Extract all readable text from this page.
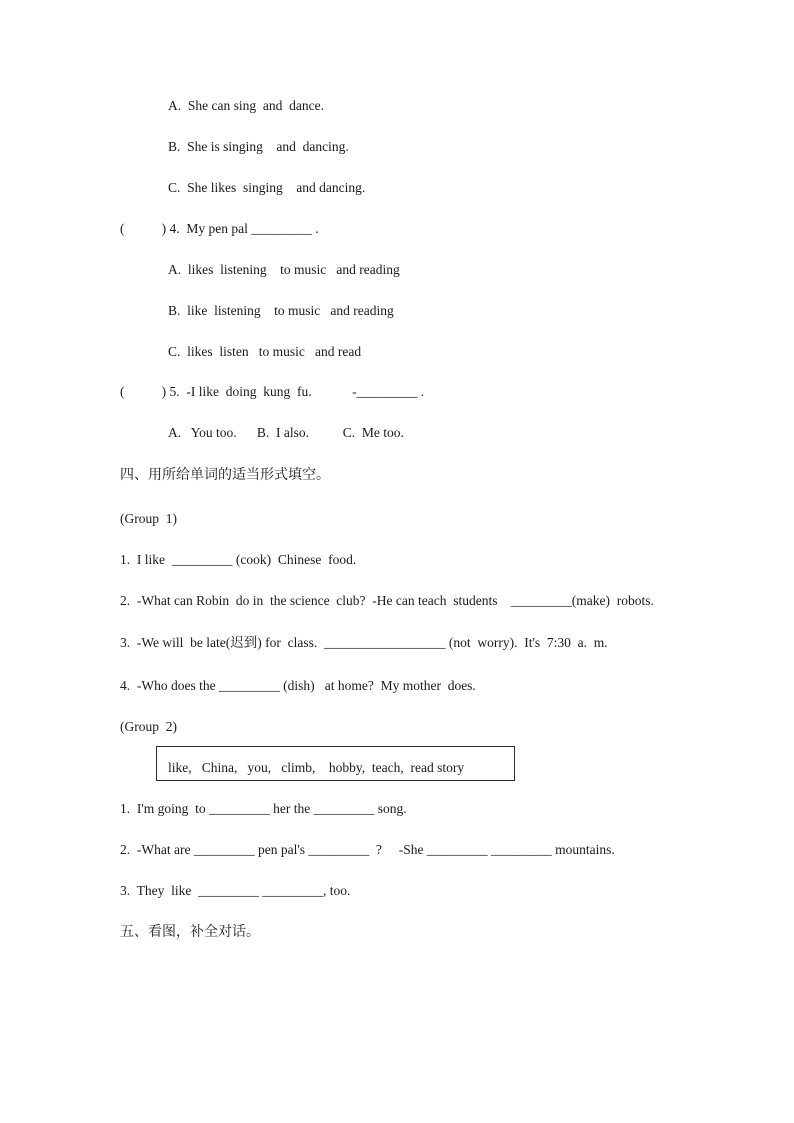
A.  She can sing  and  dance.
B.  She is singing    and  dancing.
C.  She likes  singing    and dancing.
(           ) 4.  My pen pal _________ .
A.  likes  listening    to music   and reading
B.  like  listening    to music   and reading
C.  likes  listen   to music   and read
(           ) 5.  -I like  doing  kung  fu.            -_________ .
A.   You too.      B.  I also.          C.  Me too.
四、用所给单词的适当形式填空。
(Group  1)
1.  I like  _________ (cook)  Chinese  food.
2.  -What can Robin  do in  the science  club?  -He can teach  students    _________(make)  robots.
3.  -We will  be late(迟到) for  class.  __________________ (not  worry).  It's  7:30  a.  m.
4.  -Who does the _________ (dish)   at home?  My mother  does.
(Group  2)
like,   China,   you,   climb,    hobby,  teach,  read story
1.  I'm going  to _________ her the _________ song.
2.  -What are _________ pen pal's _________  ?     -She _________ _________ mountains.
3.  They  like  _________ _________, too.
五、看图，补全对话。
